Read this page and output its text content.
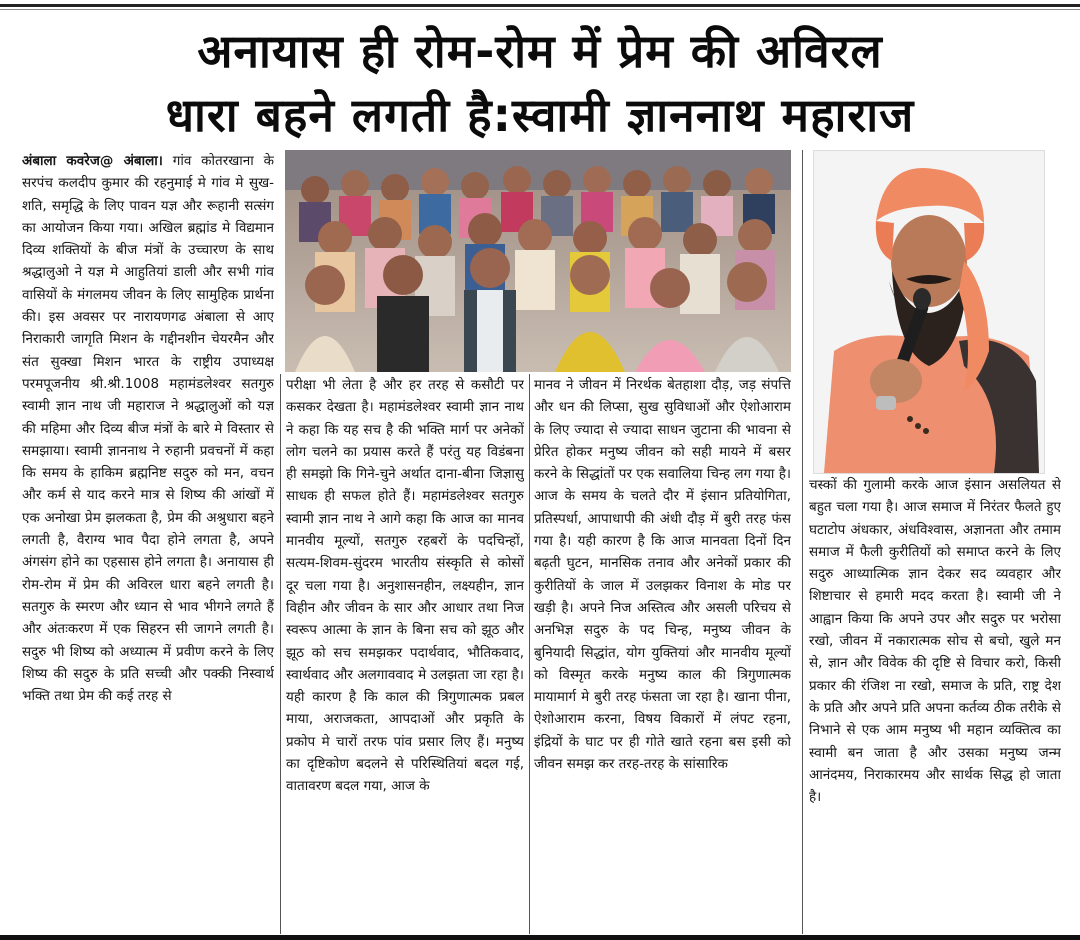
अनायास ही रोम-रोम में प्रेम की अविरल
धारा बहने लगती है:स्वामी ज्ञाननाथ महाराज
अंबाला कवरेज@ अंबाला। गांव कोतरखाना के सरपंच कलदीप कुमार की रहनुमाई मे गांव मे सुख- शति, समृद्धि के लिए पावन यज्ञ और रूहानी सत्संग का आयोजन किया गया। अखिल ब्रह्मांड मे विद्यमान दिव्य शक्तियों के बीज मंत्रों के उच्चारण के साथ श्रद्धालुओ ने यज्ञ मे आहुतियां डाली और सभी गांव वासियों के मंगलमय जीवन के लिए सामुहिक प्रार्थना की। इस अवसर पर नारायणगढ अंबाला से आए निराकारी जागृति मिशन के गद्दीनशीन चेयरमैन और संत सुक्खा मिशन भारत के राष्ट्रीय उपाध्यक्ष परमपूजनीय श्री.श्री.1008 महामंडलेश्वर सतगुरु स्वामी ज्ञान नाथ जी महाराज ने श्रद्धालुओं को यज्ञ की महिमा और दिव्य बीज मंत्रों के बारे मे विस्तार से समझाया। स्वामी ज्ञाननाथ ने रुहानी प्रवचनों में कहा कि समय के हाकिम ब्रह्मनिष्ट सदुरु को मन, वचन और कर्म से याद करने मात्र से शिष्य की आंखों में एक अनोखा प्रेम झलकता है, प्रेम की अश्रुधारा बहने लगती है, वैराग्य भाव पैदा होने लगता है, अपने अंगसंग होने का एहसास होने लगता है। अनायास ही रोम-रोम में प्रेम की अविरल धारा बहने लगती है। सतगुरु के स्मरण और ध्यान से भाव भीगने लगते हैं और अंतःकरण में एक सिहरन सी जागने लगती है। सदुरु भी शिष्य को अध्यात्म में प्रवीण करने के लिए शिष्य की सदुरु के प्रति सच्ची और पक्की निस्वार्थ भक्ति तथा प्रेम की कई तरह से
परीक्षा भी लेता है और हर तरह से कसौटी पर कसकर देखता है। महामंडलेश्वर स्वामी ज्ञान नाथ ने कहा कि यह सच है की भक्ति मार्ग पर अनेकों लोग चलने का प्रयास करते हैं परंतु यह विडंबना ही समझो कि गिने-चुने अर्थात दाना-बीना जिज्ञासु साधक ही सफल होते हैं। महामंडलेश्वर सतगुरु स्वामी ज्ञान नाथ ने आगे कहा कि आज का मानव मानवीय मूल्यों, सतगुरु रहबरों के पदचिन्हों, सत्यम-शिवम-सुंदरम भारतीय संस्कृति से कोसों दूर चला गया है। अनुशासनहीन, लक्ष्यहीन, ज्ञान विहीन और जीवन के सार और आधार तथा निज स्वरूप आत्मा के ज्ञान के बिना सच को झूठ और झूठ को सच समझकर पदार्थवाद, भौतिकवाद, स्वार्थवाद और अलगाववाद मे उलझता जा रहा है। यही कारण है कि काल की त्रिगुणात्मक प्रबल माया, अराजकता, आपदाओं और प्रकृति के प्रकोप मे चारों तरफ पांव प्रसार लिए हैं। मनुष्य का दृष्टिकोण बदलने से परिस्थितियां बदल गई, वातावरण बदल गया, आज के
मानव ने जीवन में निरर्थक बेतहाशा दौड़, जड़ संपत्ति और धन की लिप्सा, सुख सुविधाओं और ऐशोआराम के लिए ज्यादा से ज्यादा साधन जुटाना की भावना से प्रेरित होकर मनुष्य जीवन को सही मायने में बसर करने के सिद्धांतों पर एक सवालिया चिन्ह लग गया है। आज के समय के चलते दौर में इंसान प्रतियोगिता, प्रतिस्पर्धा, आपाधापी की अंधी दौड़ में बुरी तरह फंस गया है। यही कारण है कि आज मानवता दिनों दिन बढ़ती घुटन, मानसिक तनाव और अनेकों प्रकार की कुरीतियों के जाल में उलझकर विनाश के मोड पर खड़ी है। अपने निज अस्तित्व और असली परिचय से अनभिज्ञ सदुरु के पद चिन्ह, मनुष्य जीवन के बुनियादी सिद्धांत, योग युक्तियां और मानवीय मूल्यों को विस्मृत करके मनुष्य काल की त्रिगुणात्मक मायामार्ग मे बुरी तरह फंसता जा रहा है। खाना पीना, ऐशोआराम करना, विषय विकारों में लंपट रहना, इंद्रियों के घाट पर ही गोते खाते रहना बस इसी को जीवन समझ कर तरह-तरह के सांसारिक
चस्कों की गुलामी करके आज इंसान असलियत से बहुत चला गया है। आज समाज में निरंतर फैलते हुए घटाटोप अंधकार, अंधविश्वास, अज्ञानता और तमाम समाज में फैली कुरीतियों को समाप्त करने के लिए सदुरु आध्यात्मिक ज्ञान देकर सद व्यवहार और शिष्टाचार से हमारी मदद करता है। स्वामी जी ने आह्वान किया कि अपने उपर और सदुरु पर भरोसा रखो, जीवन में नकारात्मक सोच से बचो, खुले मन से, ज्ञान और विवेक की दृष्टि से विचार करो, किसी प्रकार की रंजिश ना रखो, समाज के प्रति, राष्ट्र देश के प्रति और अपने प्रति अपना कर्तव्य ठीक तरीके से निभाने से एक आम मनुष्य भी महान व्यक्तित्व का स्वामी बन जाता है और उसका मनुष्य जन्म आनंदमय, निराकारमय और सार्थक सिद्ध हो जाता है।
